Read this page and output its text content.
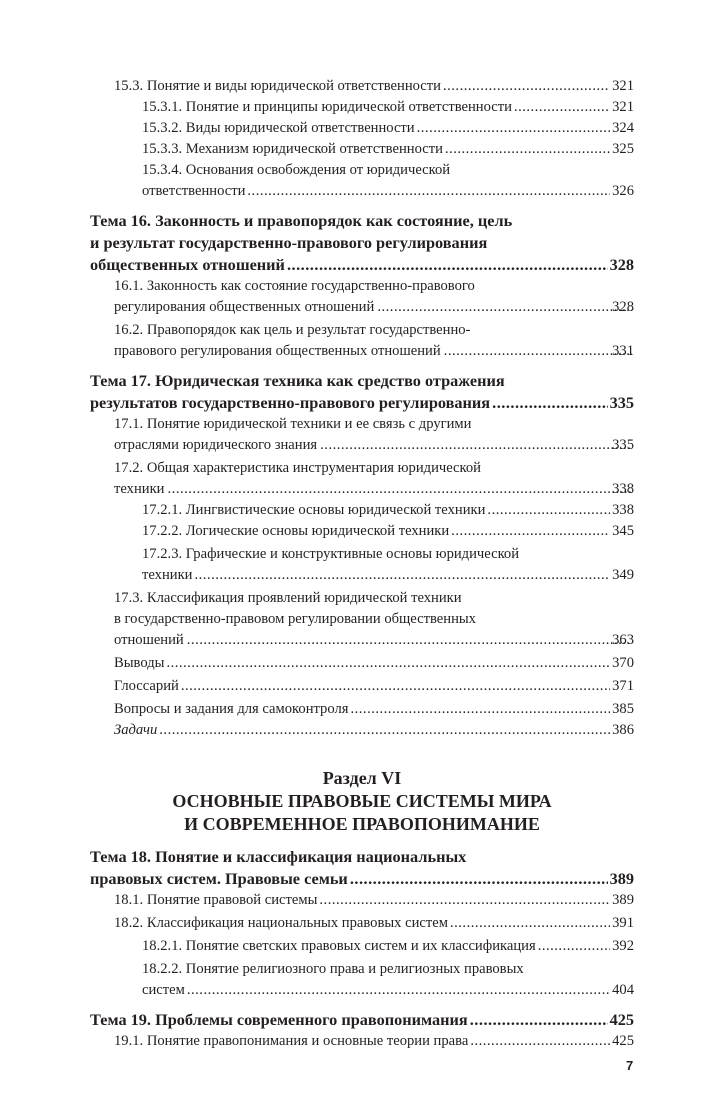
15.3. Понятие и виды юридической ответственности .....	321
15.3.1. Понятие и принципы юридической ответственности .....	321
15.3.2. Виды юридической ответственности .....	324
15.3.3. Механизм юридической ответственности .....	325
15.3.4. Основания освобождения от юридической
ответственности .....	326
Тема 16. Законность и правопорядок как состояние, цель
и результат государственно-правового регулирования
общественных отношений .....	328
16.1. Законность как состояние государственно-правового
регулирования общественных отношений .....	328
16.2. Правопорядок как цель и результат государственно-
правового регулирования общественных отношений .....	331
Тема 17. Юридическая техника как средство отражения
результатов государственно-правового регулирования .....	335
17.1. Понятие юридической техники и ее связь с другими
отраслями юридического знания .....	335
17.2. Общая характеристика инструментария юридической
техники .....	338
17.2.1. Лингвистические основы юридической техники .....	338
17.2.2. Логические основы юридической техники .....	345
17.2.3. Графические и конструктивные основы юридической
техники .....	349
17.3. Классификация проявлений юридической техники
в государственно-правовом регулировании общественных
отношений .....	363
Выводы .....	370
Глоссарий .....	371
Вопросы и задания для самоконтроля .....	385
Задачи .....	386
Раздел VI
ОСНОВНЫЕ ПРАВОВЫЕ СИСТЕМЫ МИРА
И СОВРЕМЕННОЕ ПРАВОПОНИМАНИЕ
Тема 18. Понятие и классификация национальных
правовых систем. Правовые семьи .....	389
18.1. Понятие правовой системы .....	389
18.2. Классификация национальных правовых систем .....	391
18.2.1. Понятие светских правовых систем и их классификация .....	392
18.2.2. Понятие религиозного права и религиозных правовых
систем .....	404
Тема 19. Проблемы современного правопонимания .....	425
19.1. Понятие правопонимания и основные теории права .....	425
7
